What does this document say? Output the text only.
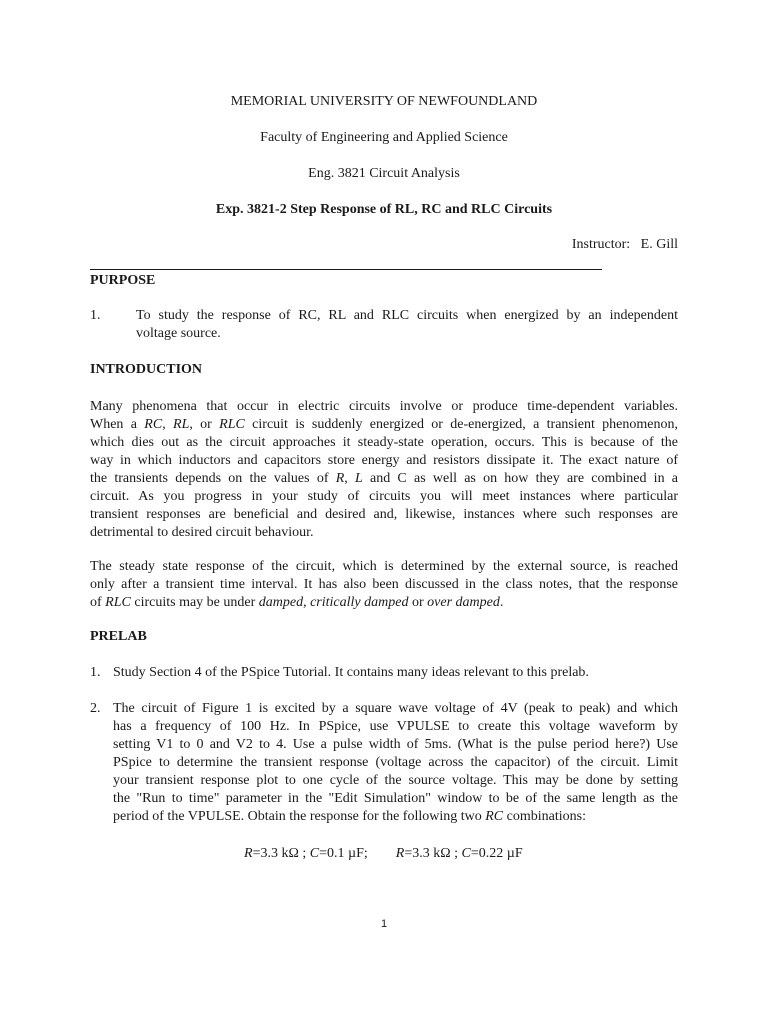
MEMORIAL UNIVERSITY OF NEWFOUNDLAND
Faculty of Engineering and Applied Science
Eng. 3821 Circuit Analysis
Exp. 3821-2 Step Response of RL, RC and RLC Circuits
Instructor:   E. Gill
PURPOSE
1.	To study the response of RC, RL and RLC circuits when energized by an independent
voltage source.
INTRODUCTION
Many phenomena that occur in electric circuits involve or produce time-dependent variables.
When a RC, RL, or RLC circuit is suddenly energized or de-energized, a transient phenomenon,
which dies out as the circuit approaches it steady-state operation, occurs. This is because of the
way in which inductors and capacitors store energy and resistors dissipate it. The exact nature of
the transients depends on the values of R, L and C as well as on how they are combined in a
circuit. As you progress in your study of circuits you will meet instances where particular
transient responses are beneficial and desired and, likewise, instances where such responses are
detrimental to desired circuit behaviour.
The steady state response of the circuit, which is determined by the external source, is reached
only after a transient time interval. It has also been discussed in the class notes, that the response
of RLC circuits may be under damped, critically damped or over damped.
PRELAB
1. Study Section 4 of the PSpice Tutorial. It contains many ideas relevant to this prelab.
2. The circuit of Figure 1 is excited by a square wave voltage of 4V (peak to peak) and which
has a frequency of 100 Hz. In PSpice, use VPULSE to create this voltage waveform by
setting V1 to 0 and V2 to 4. Use a pulse width of 5ms. (What is the pulse period here?) Use
PSpice to determine the transient response (voltage across the capacitor) of the circuit. Limit
your transient response plot to one cycle of the source voltage. This may be done by setting
the "Run to time" parameter in the "Edit Simulation" window to be of the same length as the
period of the VPULSE. Obtain the response for the following two RC combinations:
R=3.3 kΩ ; C=0.1 µF; R=3.3 kΩ ; C=0.22 µF
1
